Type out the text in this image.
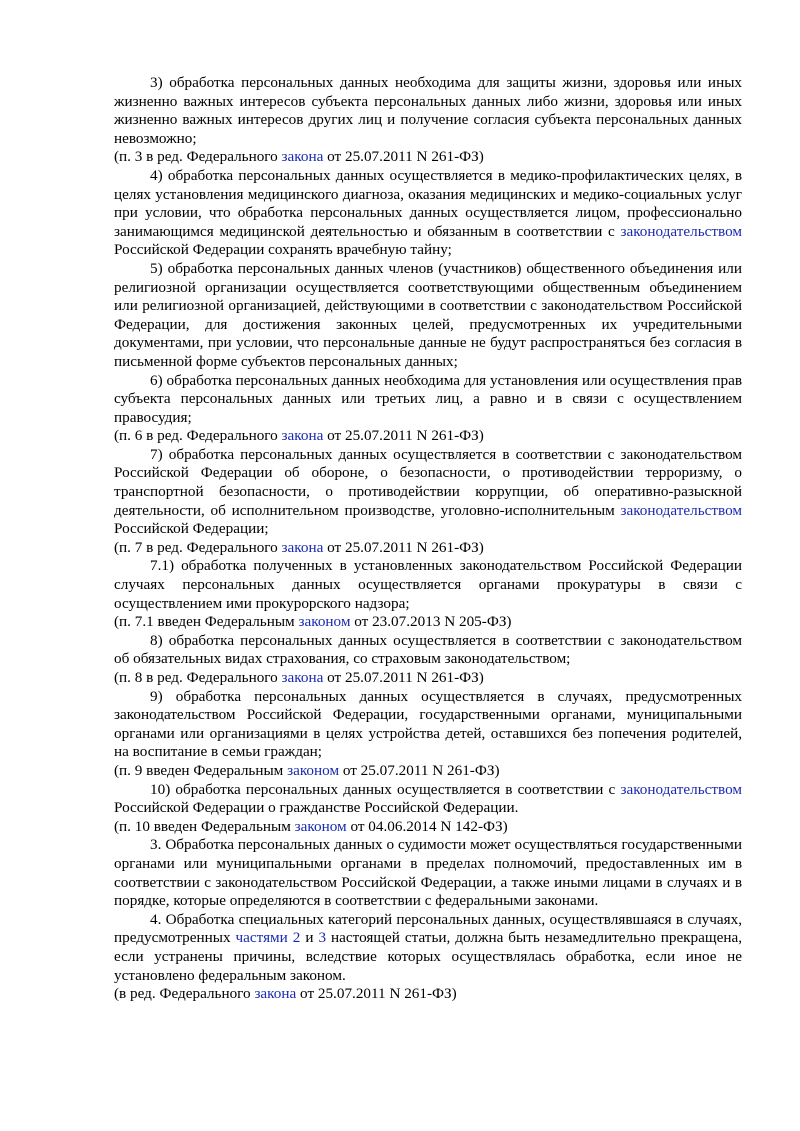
3) обработка персональных данных необходима для защиты жизни, здоровья или иных жизненно важных интересов субъекта персональных данных либо жизни, здоровья или иных жизненно важных интересов других лиц и получение согласия субъекта персональных данных невозможно;

(п. 3 в ред. Федерального закона от 25.07.2011 N 261-ФЗ)

4) обработка персональных данных осуществляется в медико-профилактических целях, в целях установления медицинского диагноза, оказания медицинских и медико-социальных услуг при условии, что обработка персональных данных осуществляется лицом, профессионально занимающимся медицинской деятельностью и обязанным в соответствии с законодательством Российской Федерации сохранять врачебную тайну;

5) обработка персональных данных членов (участников) общественного объединения или религиозной организации осуществляется соответствующими общественным объединением или религиозной организацией, действующими в соответствии с законодательством Российской Федерации, для достижения законных целей, предусмотренных их учредительными документами, при условии, что персональные данные не будут распространяться без согласия в письменной форме субъектов персональных данных;

6) обработка персональных данных необходима для установления или осуществления прав субъекта персональных данных или третьих лиц, а равно и в связи с осуществлением правосудия;

(п. 6 в ред. Федерального закона от 25.07.2011 N 261-ФЗ)

7) обработка персональных данных осуществляется в соответствии с законодательством Российской Федерации об обороне, о безопасности, о противодействии терроризму, о транспортной безопасности, о противодействии коррупции, об оперативно-разыскной деятельности, об исполнительном производстве, уголовно-исполнительным законодательством Российской Федерации;

(п. 7 в ред. Федерального закона от 25.07.2011 N 261-ФЗ)

7.1) обработка полученных в установленных законодательством Российской Федерации случаях персональных данных осуществляется органами прокуратуры в связи с осуществлением ими прокурорского надзора;

(п. 7.1 введен Федеральным законом от 23.07.2013 N 205-ФЗ)

8) обработка персональных данных осуществляется в соответствии с законодательством об обязательных видах страхования, со страховым законодательством;

(п. 8 в ред. Федерального закона от 25.07.2011 N 261-ФЗ)

9) обработка персональных данных осуществляется в случаях, предусмотренных законодательством Российской Федерации, государственными органами, муниципальными органами или организациями в целях устройства детей, оставшихся без попечения родителей, на воспитание в семьи граждан;

(п. 9 введен Федеральным законом от 25.07.2011 N 261-ФЗ)

10) обработка персональных данных осуществляется в соответствии с законодательством Российской Федерации о гражданстве Российской Федерации.

(п. 10 введен Федеральным законом от 04.06.2014 N 142-ФЗ)

3. Обработка персональных данных о судимости может осуществляться государственными органами или муниципальными органами в пределах полномочий, предоставленных им в соответствии с законодательством Российской Федерации, а также иными лицами в случаях и в порядке, которые определяются в соответствии с федеральными законами.

4. Обработка специальных категорий персональных данных, осуществлявшаяся в случаях, предусмотренных частями 2 и 3 настоящей статьи, должна быть незамедлительно прекращена, если устранены причины, вследствие которых осуществлялась обработка, если иное не установлено федеральным законом.

(в ред. Федерального закона от 25.07.2011 N 261-ФЗ)
